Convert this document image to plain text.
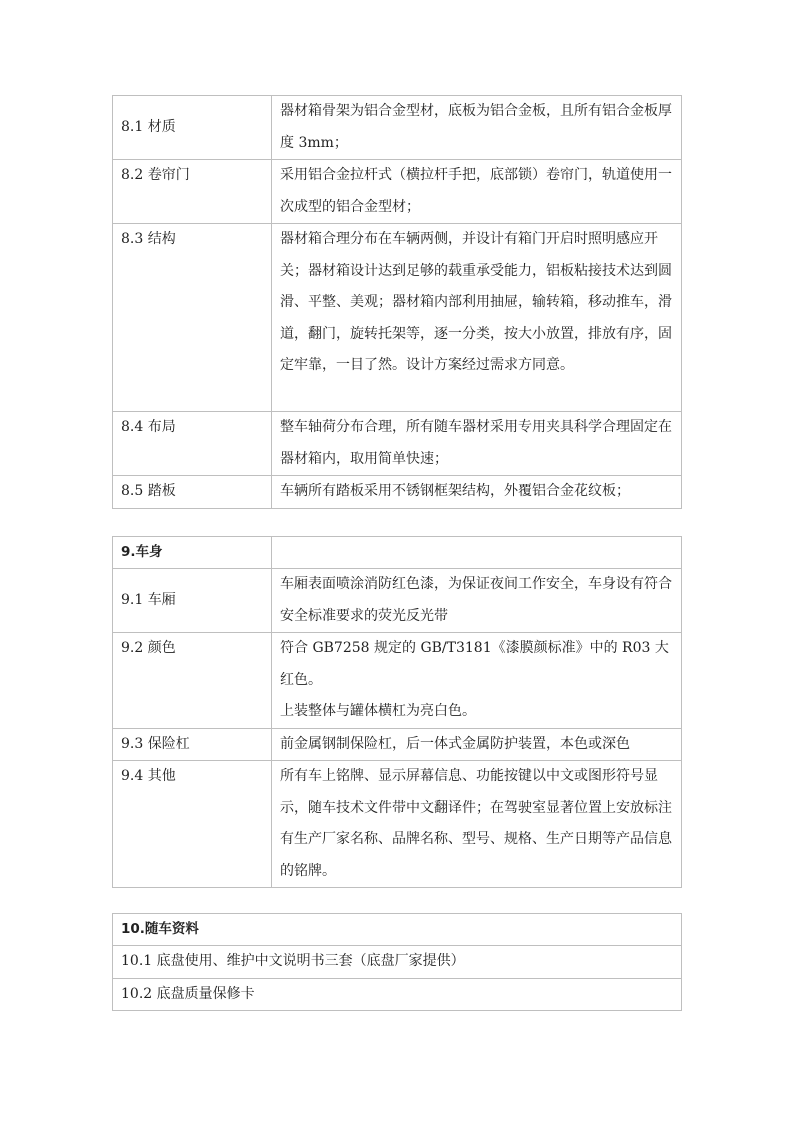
8.1 材质	器材箱骨架为铝合金型材，底板为铝合金板，且所有铝合金板厚度 3mm；
8.2 卷帘门	采用铝合金拉杆式（横拉杆手把，底部锁）卷帘门，轨道使用一次成型的铝合金型材；
8.3 结构	器材箱合理分布在车辆两侧，并设计有箱门开启时照明感应开关；器材箱设计达到足够的载重承受能力，铝板粘接技术达到圆滑、平整、美观；器材箱内部利用抽屉，输转箱，移动推车，滑道，翻门，旋转托架等，逐一分类，按大小放置，排放有序，固定牢靠，一目了然。设计方案经过需求方同意。
8.4 布局	整车轴荷分布合理，所有随车器材采用专用夹具科学合理固定在器材箱内，取用简单快速；
8.5 踏板	车辆所有踏板采用不锈钢框架结构，外覆铝合金花纹板；
9.车身	
9.1 车厢	车厢表面喷涂消防红色漆，为保证夜间工作安全，车身设有符合安全标准要求的荧光反光带
9.2 颜色	符合 GB7258 规定的 GB/T3181《漆膜颜标准》中的 R03 大红色。
上装整体与罐体横杠为亮白色。

9.3 保险杠	前金属钢制保险杠，后一体式金属防护装置，本色或深色
9.4 其他	所有车上铭牌、显示屏幕信息、功能按键以中文或图形符号显示，随车技术文件带中文翻译件；在驾驶室显著位置上安放标注有生产厂家名称、品牌名称、型号、规格、生产日期等产品信息的铭牌。
10.随车资料
10.1 底盘使用、维护中文说明书三套（底盘厂家提供）
10.2 底盘质量保修卡
